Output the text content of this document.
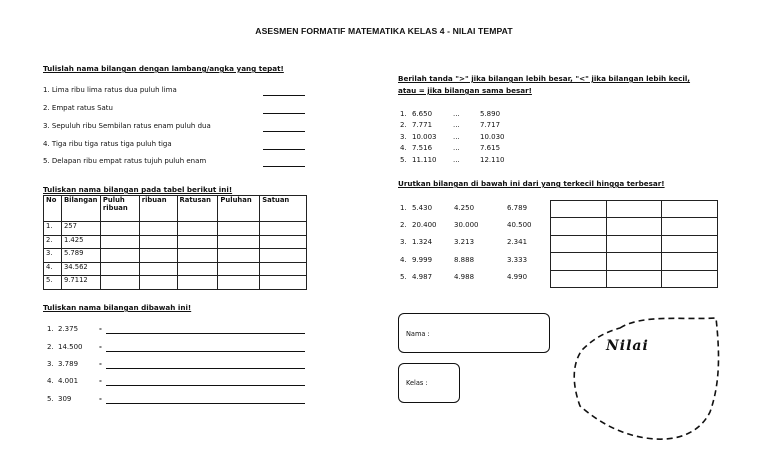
ASESMEN FORMATIF MATEMATIKA KELAS 4 - NILAI TEMPAT
Tulislah nama bilangan dengan lambang/angka yang tepat!
1. Lima ribu lima ratus dua puluh lima
2. Empat ratus Satu
3. Sepuluh ribu Sembilan ratus enam puluh dua
4. Tiga ribu tiga ratus tiga puluh tiga
5. Delapan ribu empat ratus tujuh puluh enam
Tuliskan nama bilangan pada tabel berikut ini!
No	Bilangan	Puluh ribuan	ribuan	Ratusan	Puluhan	Satuan
1.	257					
2.	1.425					
3.	5.789					
4.	34.562					
5.	9.7112					
Tuliskan nama bilangan dibawah ini!
1. 2.375	-
2. 14.500 -
3. 3.789	-
4. 4.001	-
5. 309	-
Berilah tanda ">" jika bilangan lebih besar, "<" jika bilangan lebih kecil,
atau = jika bilangan sama besar!
1. 6.650	...	5.890
2. 7.771	...	7.717
3. 10.003 ...	10.030
4. 7.516	...	7.615
5. 11.110 ...	12.110
Urutkan bilangan di bawah ini dari yang terkecil hingga terbesar!
1. 5.430	4.250	6.789
2. 20.400	30.000	40.500
3. 1.324	3.213	2.341
4. 9.999	8.888	3.333
5. 4.987	4.988	4.990

Nama :
Kelas :
Nilai
